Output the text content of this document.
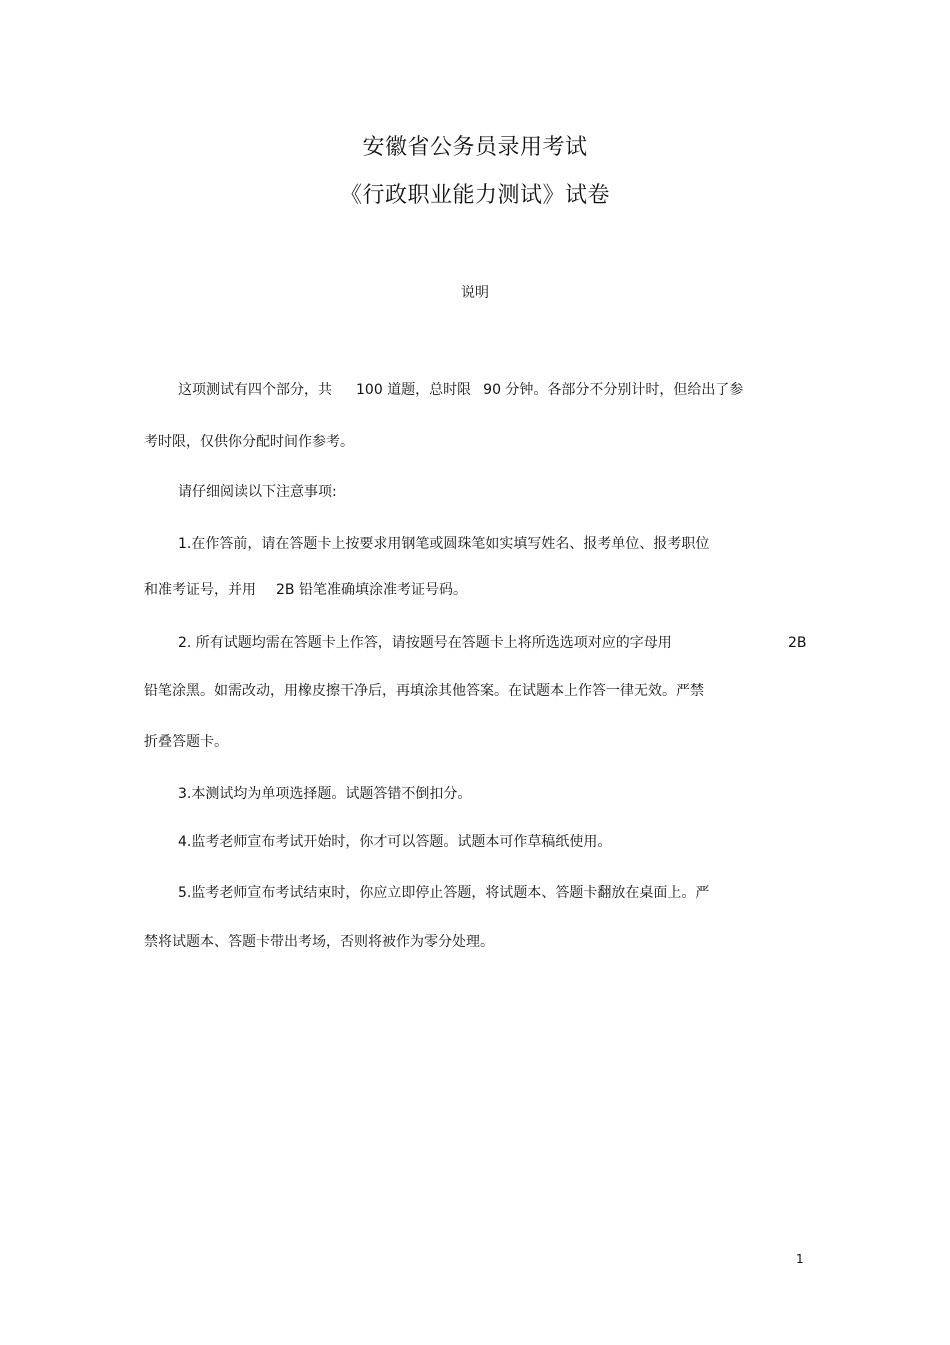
安徽省公务员录用考试
《行政职业能力测试》试卷
说明
这项测试有四个部分，共 100 道题，总时限 90 分钟。各部分不分别计时，但给出了参
考时限，仅供你分配时间作参考。
请仔细阅读以下注意事项:
1.在作答前，请在答题卡上按要求用钢笔或圆珠笔如实填写姓名、报考单位、报考职位
和准考证号，并用 2B 铅笔准确填涂准考证号码。
2. 所有试题均需在答题卡上作答，请按题号在答题卡上将所选选项对应的字母用	2B
铅笔涂黑。如需改动，用橡皮擦干净后，再填涂其他答案。在试题本上作答一律无效。严禁
折叠答题卡。
3.本测试均为单项选择题。试题答错不倒扣分。
4.监考老师宣布考试开始时，你才可以答题。试题本可作草稿纸使用。
5.监考老师宣布考试结束时，你应立即停止答题，将试题本、答题卡翻放在桌面上。严
禁将试题本、答题卡带出考场，否则将被作为零分处理。
1
